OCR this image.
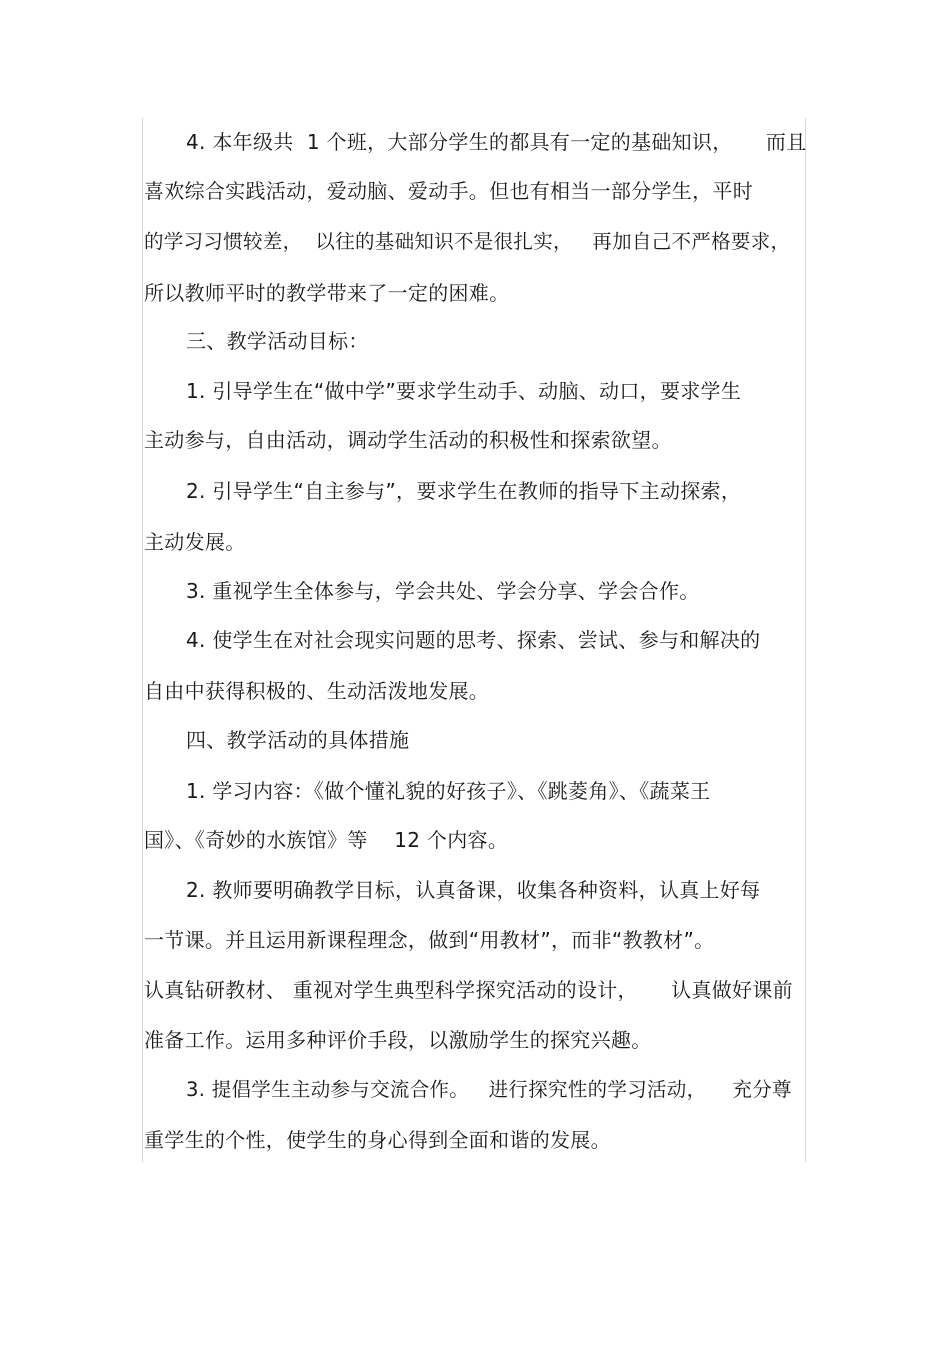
4. 本年级共  1 个班，大部分学生的都具有一定的基础知识，     而且
喜欢综合实践活动，爱动脑、爱动手。但也有相当一部分学生，平时
的学习习惯较差，  以往的基础知识不是很扎实，   再加自己不严格要求，
所以教师平时的教学带来了一定的困难。
三、教学活动目标：
1. 引导学生在“做中学”要求学生动手、动脑、动口，要求学生
主动参与，自由活动，调动学生活动的积极性和探索欲望。
2. 引导学生“自主参与”，要求学生在教师的指导下主动探索，
主动发展。
3. 重视学生全体参与，学会共处、学会分享、学会合作。
4. 使学生在对社会现实问题的思考、探索、尝试、参与和解决的
自由中获得积极的、生动活泼地发展。
四、教学活动的具体措施
1. 学习内容：《做个懂礼貌的好孩子》、《跳菱角》、《蔬菜王
国》、《奇妙的水族馆》等    12 个内容。
2. 教师要明确教学目标，认真备课，收集各种资料，认真上好每
一节课。并且运用新课程理念，做到“用教材”，而非“教教材”。
认真钻研教材、 重视对学生典型科学探究活动的设计，     认真做好课前
准备工作。运用多种评价手段，以激励学生的探究兴趣。
3. 提倡学生主动参与交流合作。   进行探究性的学习活动，    充分尊
重学生的个性，使学生的身心得到全面和谐的发展。
